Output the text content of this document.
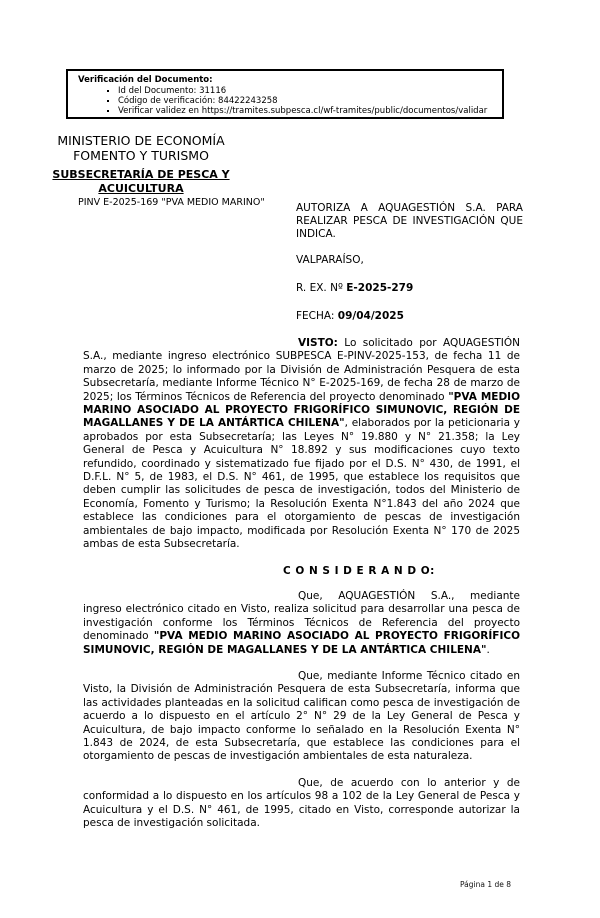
Verificación del Documento:
▪ Id del Documento: 31116
▪ Código de verificación: 84422243258
▪ Verificar validez en https://tramites.subpesca.cl/wf-tramites/public/documentos/validar
MINISTERIO DE ECONOMÍA
FOMENTO Y TURISMO
SUBSECRETARÍA DE PESCA Y
ACUICULTURA
PINV E-2025-169 "PVA MEDIO MARINO"	AUTORIZA A AQUAGESTIÓN S.A. PARA REALIZAR PESCA DE INVESTIGACIÓN QUE INDICA.

VALPARAÍSO,
R. EX. Nº E-2025-279
FECHA: 09/04/2025

VISTO: Lo solicitado por AQUAGESTIÓN S.A., mediante ingreso electrónico SUBPESCA E-PINV-2025-153, de fecha 11 de marzo de 2025; lo informado por la División de Administración Pesquera de esta Subsecretaría, mediante Informe Técnico N° E-2025-169, de fecha 28 de marzo de 2025; los Términos Técnicos de Referencia del proyecto denominado "PVA MEDIO MARINO ASOCIADO AL PROYECTO FRIGORÍFICO SIMUNOVIC, REGIÓN DE MAGALLANES Y DE LA ANTÁRTICA CHILENA", elaborados por la peticionaria y aprobados por esta Subsecretaría; las Leyes N° 19.880 y N° 21.358; la Ley General de Pesca y Acuicultura N° 18.892 y sus modificaciones cuyo texto refundido, coordinado y sistematizado fue fijado por el D.S. N° 430, de 1991, el D.F.L. N° 5, de 1983, el D.S. N° 461, de 1995, que establece los requisitos que deben cumplir las solicitudes de pesca de investigación, todos del Ministerio de Economía, Fomento y Turismo; la Resolución Exenta N°1.843 del año 2024 que establece las condiciones para el otorgamiento de pescas de investigación ambientales de bajo impacto, modificada por Resolución Exenta N° 170 de 2025 ambas de esta Subsecretaría.

C O N S I D E R A N D O:

Que, AQUAGESTIÓN S.A., mediante ingreso electrónico citado en Visto, realiza solicitud para desarrollar una pesca de investigación conforme los Términos Técnicos de Referencia del proyecto denominado "PVA MEDIO MARINO ASOCIADO AL PROYECTO FRIGORÍFICO SIMUNOVIC, REGIÓN DE MAGALLANES Y DE LA ANTÁRTICA CHILENA".

Que, mediante Informe Técnico citado en Visto, la División de Administración Pesquera de esta Subsecretaría, informa que las actividades planteadas en la solicitud califican como pesca de investigación de acuerdo a lo dispuesto en el artículo 2° N° 29 de la Ley General de Pesca y Acuicultura, de bajo impacto conforme lo señalado en la Resolución Exenta N° 1.843 de 2024, de esta Subsecretaría, que establece las condiciones para el otorgamiento de pescas de investigación ambientales de esta naturaleza.

Que, de acuerdo con lo anterior y de conformidad a lo dispuesto en los artículos 98 a 102 de la Ley General de Pesca y Acuicultura y el D.S. N° 461, de 1995, citado en Visto, corresponde autorizar la pesca de investigación solicitada.

Página 1 de 8
